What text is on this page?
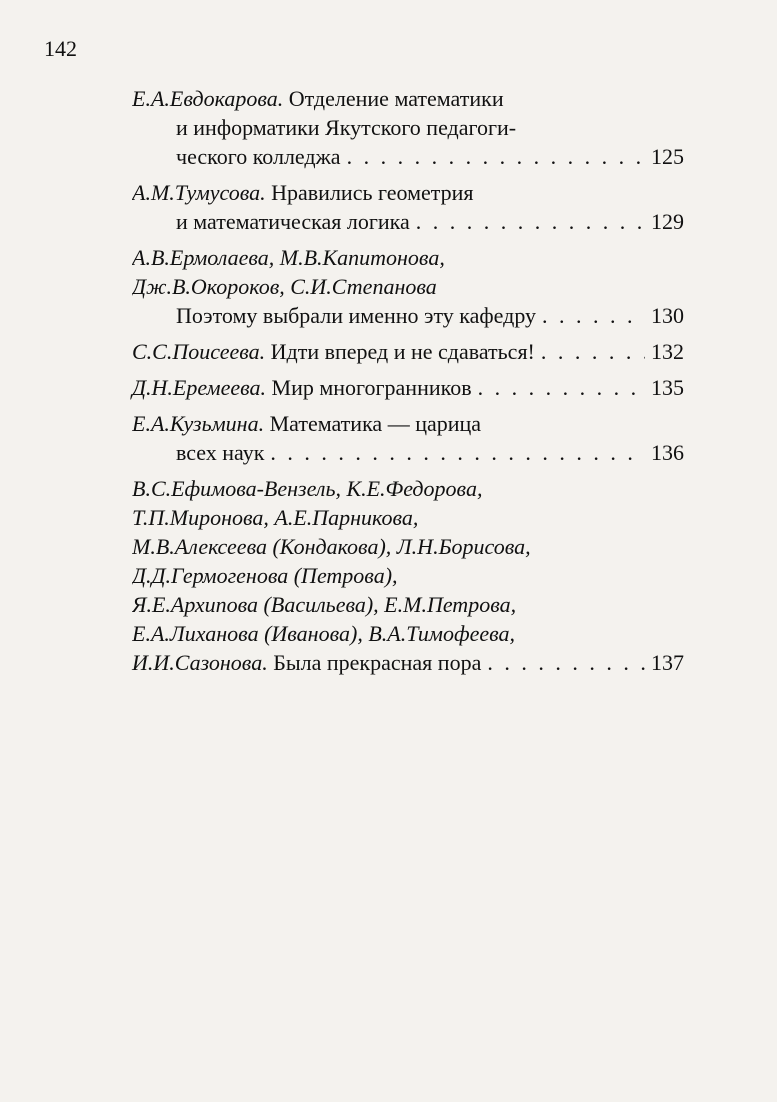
142
Е.А.Евдокарова. Отделение математики
и информатики Якутского педагоги-
ческого колледжа . . .	125
А.М.Тумусова. Нравились геометрия
и математическая логика . . .	129
А.В.Ермолаева, М.В.Капитонова,
Дж.В.Окороков, С.И.Степанова
Поэтому выбрали именно эту кафедру . . .	130
С.С.Поисеева. Идти вперед и не сдаваться! . . .	132
Д.Н.Еремеева. Мир многогранников . . .	135
Е.А.Кузьмина. Математика — царица
всех наук . . .	136
В.С.Ефимова-Вензель, К.Е.Федорова,
Т.П.Миронова, А.Е.Парникова,
М.В.Алексеева (Кондакова), Л.Н.Борисова,
Д.Д.Гермогенова (Петрова),
Я.Е.Архипова (Васильева), Е.М.Петрова,
Е.А.Лиханова (Иванова), В.А.Тимофеева,
И.И.Сазонова. Была прекрасная пора . . .	137
